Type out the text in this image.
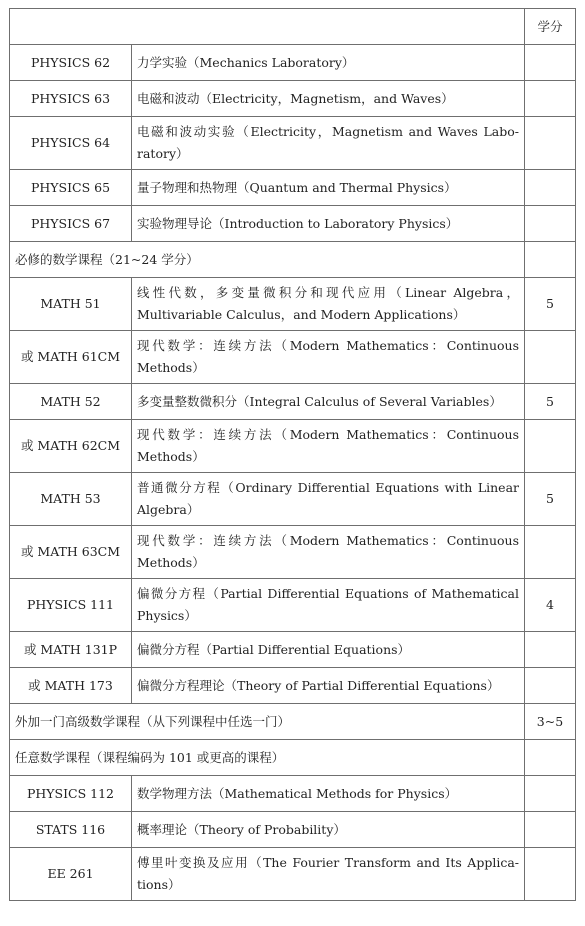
		学分
PHYSICS 62	力学实验（Mechanics Laboratory）	
PHYSICS 63	电磁和波动（Electricity，Magnetism，and Waves）	
PHYSICS 64	电磁和波动实验（Electricity，Magnetism and Waves Labo-ratory）	
PHYSICS 65	量子物理和热物理（Quantum and Thermal Physics）	
PHYSICS 67	实验物理导论（Introduction to Laboratory Physics）	
必修的数学课程（21~24 学分）		
MATH 51	线性代数，多变量微积分和现代应用（Linear Algebra，Multivariable Calculus，and Modern Applications）	5
或 MATH 61CM	现代数学：连续方法（Modern Mathematics：Continuous Methods）	
MATH 52	多变量整数微积分（Integral Calculus of Several Variables）	5
或 MATH 62CM	现代数学：连续方法（Modern Mathematics：Continuous Methods）	
MATH 53	普通微分方程（Ordinary Differential Equations with Linear Algebra）	5
或 MATH 63CM	现代数学：连续方法（Modern Mathematics：Continuous Methods）	
PHYSICS 111	偏微分方程（Partial Differential Equations of Mathematical Physics）	4
或 MATH 131P	偏微分方程（Partial Differential Equations）	
或 MATH 173	偏微分方程理论（Theory of Partial Differential Equations）	
外加一门高级数学课程（从下列课程中任选一门）		3~5
任意数学课程（课程编码为 101 或更高的课程）		
PHYSICS 112	数学物理方法（Mathematical Methods for Physics）	
STATS 116	概率理论（Theory of Probability）	
EE 261	傅里叶变换及应用（The Fourier Transform and Its Applica-tions）	
